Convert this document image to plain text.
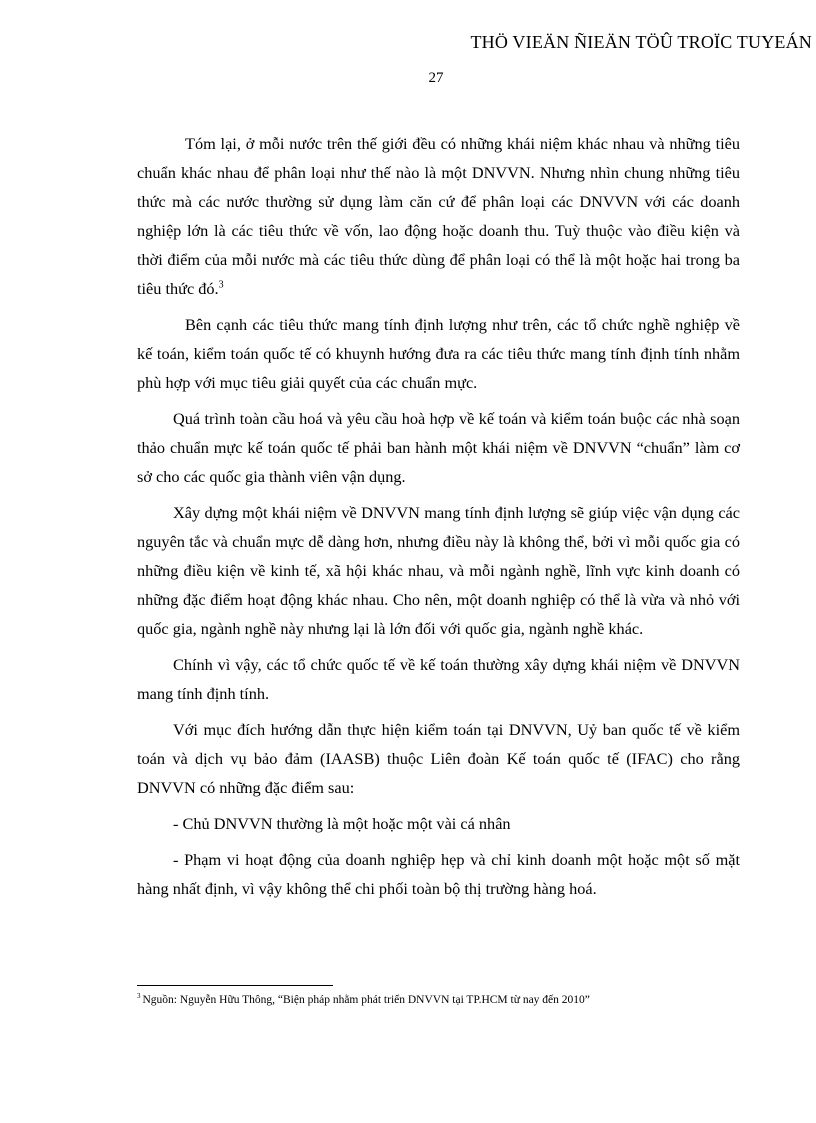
THÖ VIEÄN ÑIEÄN TÖÛ TROÏC TUYEÁN
27

Tóm lại, ở mỗi nước trên thế giới đều có những khái niệm khác nhau và những tiêu chuẩn khác nhau để phân loại như thế nào là một DNVVN. Nhưng nhìn chung những tiêu thức mà các nước thường sử dụng làm căn cứ để phân loại các DNVVN với các doanh nghiệp lớn là các tiêu thức về vốn, lao động hoặc doanh thu. Tuỳ thuộc vào điều kiện và thời điểm của mỗi nước mà các tiêu thức dùng để phân loại có thể là một hoặc hai trong ba tiêu thức đó.$^3$

Bên cạnh các tiêu thức mang tính định lượng như trên, các tổ chức nghề nghiệp về kế toán, kiểm toán quốc tế có khuynh hướng đưa ra các tiêu thức mang tính định tính nhằm phù hợp với mục tiêu giải quyết của các chuẩn mực.

Quá trình toàn cầu hoá và yêu cầu hoà hợp về kế toán và kiểm toán buộc các nhà soạn thảo chuẩn mực kế toán quốc tế phải ban hành một khái niệm về DNVVN “chuẩn” làm cơ sở cho các quốc gia thành viên vận dụng.

Xây dựng một khái niệm về DNVVN mang tính định lượng sẽ giúp việc vận dụng các nguyên tắc và chuẩn mực dễ dàng hơn, nhưng điều này là không thể, bởi vì mỗi quốc gia có những điều kiện về kinh tế, xã hội khác nhau, và mỗi ngành nghề, lĩnh vực kinh doanh có những đặc điểm hoạt động khác nhau. Cho nên, một doanh nghiệp có thể là vừa và nhỏ với quốc gia, ngành nghề này nhưng lại là lớn đối với quốc gia, ngành nghề khác.

Chính vì vậy, các tổ chức quốc tế về kế toán thường xây dựng khái niệm về DNVVN mang tính định tính.

Với mục đích hướng dẫn thực hiện kiểm toán tại DNVVN, Uỷ ban quốc tế về kiểm toán và dịch vụ bảo đảm (IAASB) thuộc Liên đoàn Kế toán quốc tế (IFAC) cho rằng DNVVN có những đặc điểm sau:

- Chủ DNVVN thường là một hoặc một vài cá nhân

- Phạm vi hoạt động của doanh nghiệp hẹp và chỉ kinh doanh một hoặc một số mặt hàng nhất định, vì vậy không thể chi phối toàn bộ thị trường hàng hoá.

$^3$ Nguồn: Nguyễn Hữu Thông, “Biện pháp nhằm phát triển DNVVN tại TP.HCM từ nay đến 2010”
